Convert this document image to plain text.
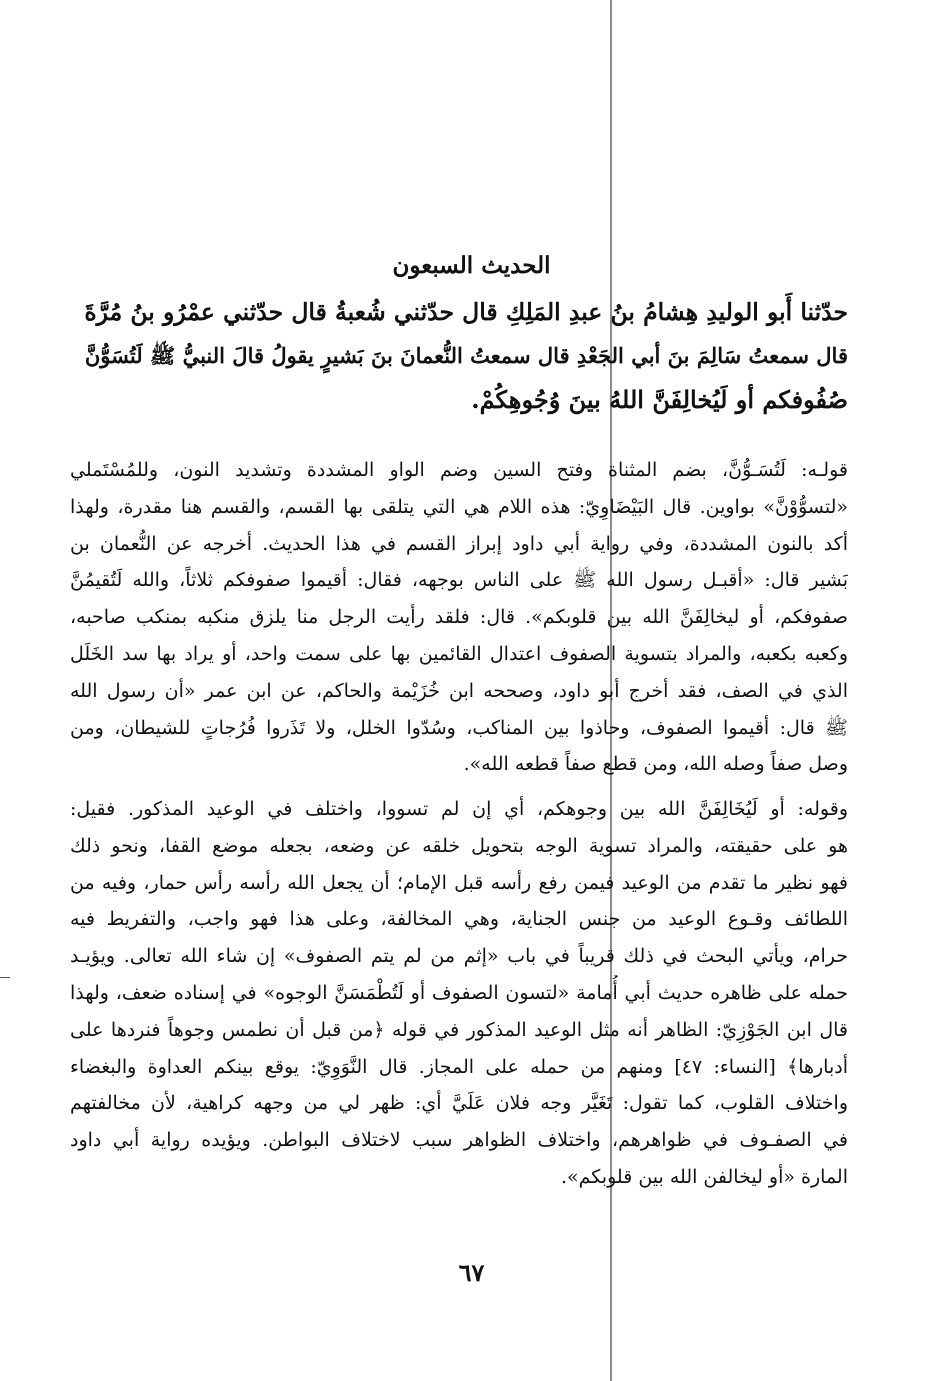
الحديث السبعون
حدّثنا أَبو الوليدِ هِشامُ بنُ عبدِ المَلِكِ قال حدّثني شُعبةُ قال حدّثني عمْرُو بنُ مُرَّةَ
قال سمعتُ سَالِمَ بنَ أبي الجَعْدِ قال سمعتُ النُّعمانَ بنَ بَشيرٍ يقولُ قالَ النبيُّ ﷺ لَتُسَوُّنَّ
صُفُوفكم أو لَيُخالِفَنَّ اللهُ بينَ وُجُوهِكُمْ.
قولـه: لَتُسَـوُّنَّ، بضم المثناة وفتح السين وضم الواو المشددة وتشديد النون، وللمُسْتَملي
«لتسوُّوْنَّ» بواوين. قال البَيْضَاوِيّ: هذه اللام هي التي يتلقى بها القسم، والقسم هنا مقدرة، ولهذا
أكد بالنون المشددة، وفي رواية أبي داود إبراز القسم في هذا الحديث. أخرجه عن النُّعمان بن
بَشير قال: «أقبـل رسول الله ﷺ على الناس بوجهه، فقال: أقيموا صفوفكم ثلاثاً، والله لَتُقيمُنَّ
صفوفكم، أو ليخالِفَنَّ الله بين قلوبكم». قال: فلقد رأيت الرجل منا يلزق منكبه بمنكب صاحبه،
وكعبه بكعبه، والمراد بتسوية الصفوف اعتدال القائمين بها على سمت واحد، أو يراد بها سد الخَلَل
الذي في الصف، فقد أخرج أبو داود، وصححه ابن خُزَيْمة والحاكم، عن ابن عمر «أن رسول الله
ﷺ قال: أقيموا الصفوف، وحاذوا بين المناكب، وسُدّوا الخلل، ولا تَذَروا فُرُجاتٍ للشيطان، ومن
وصل صفاً وصله الله، ومن قطع صفاً قطعه الله».
وقوله: أو لَيُخَالِفَنَّ الله بين وجوهكم، أي إن لم تسووا، واختلف في الوعيد المذكور. فقيل:
هو على حقيقته، والمراد تسوية الوجه بتحويل خلقه عن وضعه، بجعله موضع القفا، ونحو ذلك
فهو نظير ما تقدم من الوعيد فيمن رفع رأسه قبل الإمام؛ أن يجعل الله رأسه رأس حمار، وفيه من
اللطائف وقـوع الوعيد من جنس الجناية، وهي المخالفة، وعلى هذا فهو واجب، والتفريط فيه
حرام، ويأتي البحث في ذلك قريباً في باب «إثم من لم يتم الصفوف» إن شاء الله تعالى. ويؤيـد
حمله على ظاهره حديث أبي أُمامة «لتسون الصفوف أو لَتُطْمَسَنَّ الوجوه» في إسناده ضعف، ولهذا
قال ابن الجَوْزِيّ: الظاهر أنه مثل الوعيد المذكور في قوله ﴿من قبل أن نطمس وجوهاً فنردها على
أدبارها﴾ [النساء: ٤٧] ومنهم من حمله على المجاز. قال النَّوَوِيّ: يوقع بينكم العداوة والبغضاء
واختلاف القلوب، كما تقول: تَغَيَّر وجه فلان عَلَيَّ أي: ظهر لي من وجهه كراهية، لأن مخالفتهم
في الصفـوف في ظواهرهم، واختلاف الظواهر سبب لاختلاف البواطن. ويؤيده رواية أبي داود
المارة «أو ليخالفن الله بين قلوبكم».
٦٧
